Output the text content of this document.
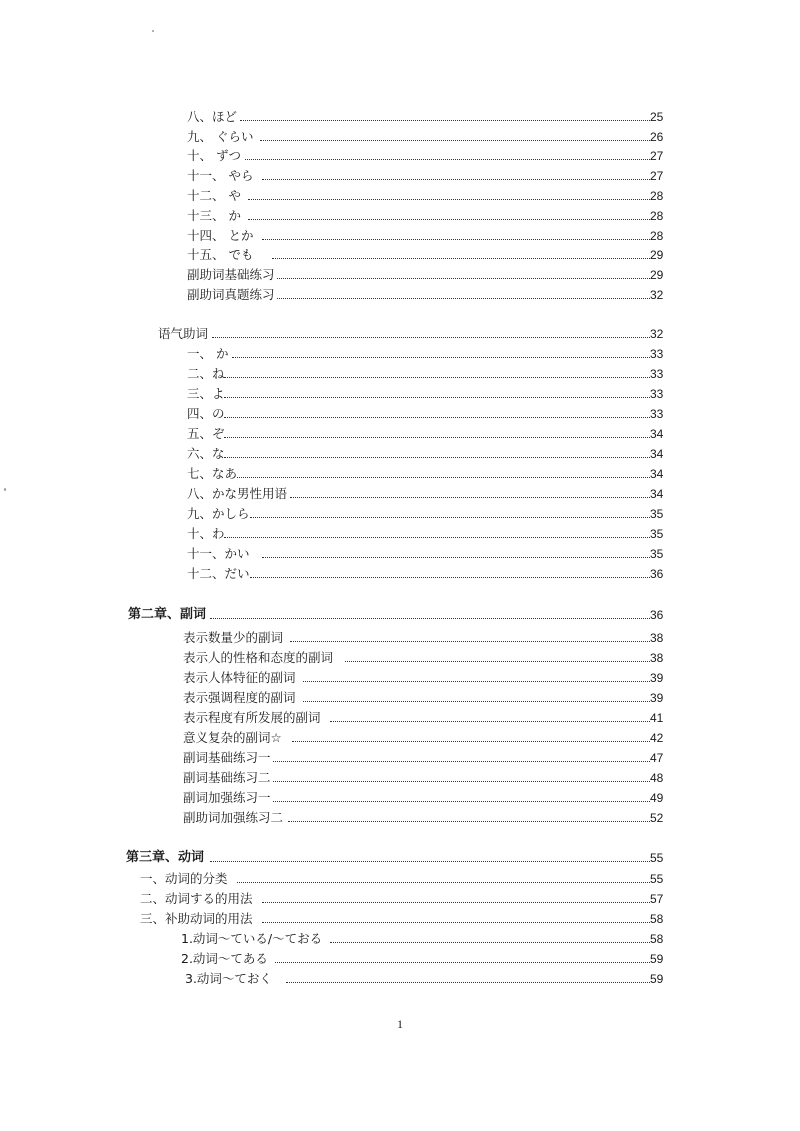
八、ほど	25
九、 ぐらい	26
十、 ずつ	27
十一、 やら	27
十二、 や	28
十三、 か	28
十四、 とか	28
十五、 でも	29
副助词基础练习	29
副助词真题练习	32
语气助词	32
一、 か	33
二、ね	33
三、よ	33
四、の	33
五、ぞ	34
六、な	34
七、なあ	34
八、かな男性用语	34
九、かしら	35
十、わ	35
十一、かい	35
十二、だい	36
第二章、副词	36
表示数量少的副词	38
表示人的性格和态度的副词	38
表示人体特征的副词	39
表示强调程度的副词	39
表示程度有所发展的副词	41
意义复杂的副词☆	42
副词基础练习一	47
副词基础练习二	48
副词加强练习一	49
副助词加强练习二	52
第三章、动词	55
一、动词的分类	55
二、动词する的用法	57
三、补助动词的用法	58
1.动词～ている/～ておる	58
2.动词～てある	59
3.动词～ておく	59
1
